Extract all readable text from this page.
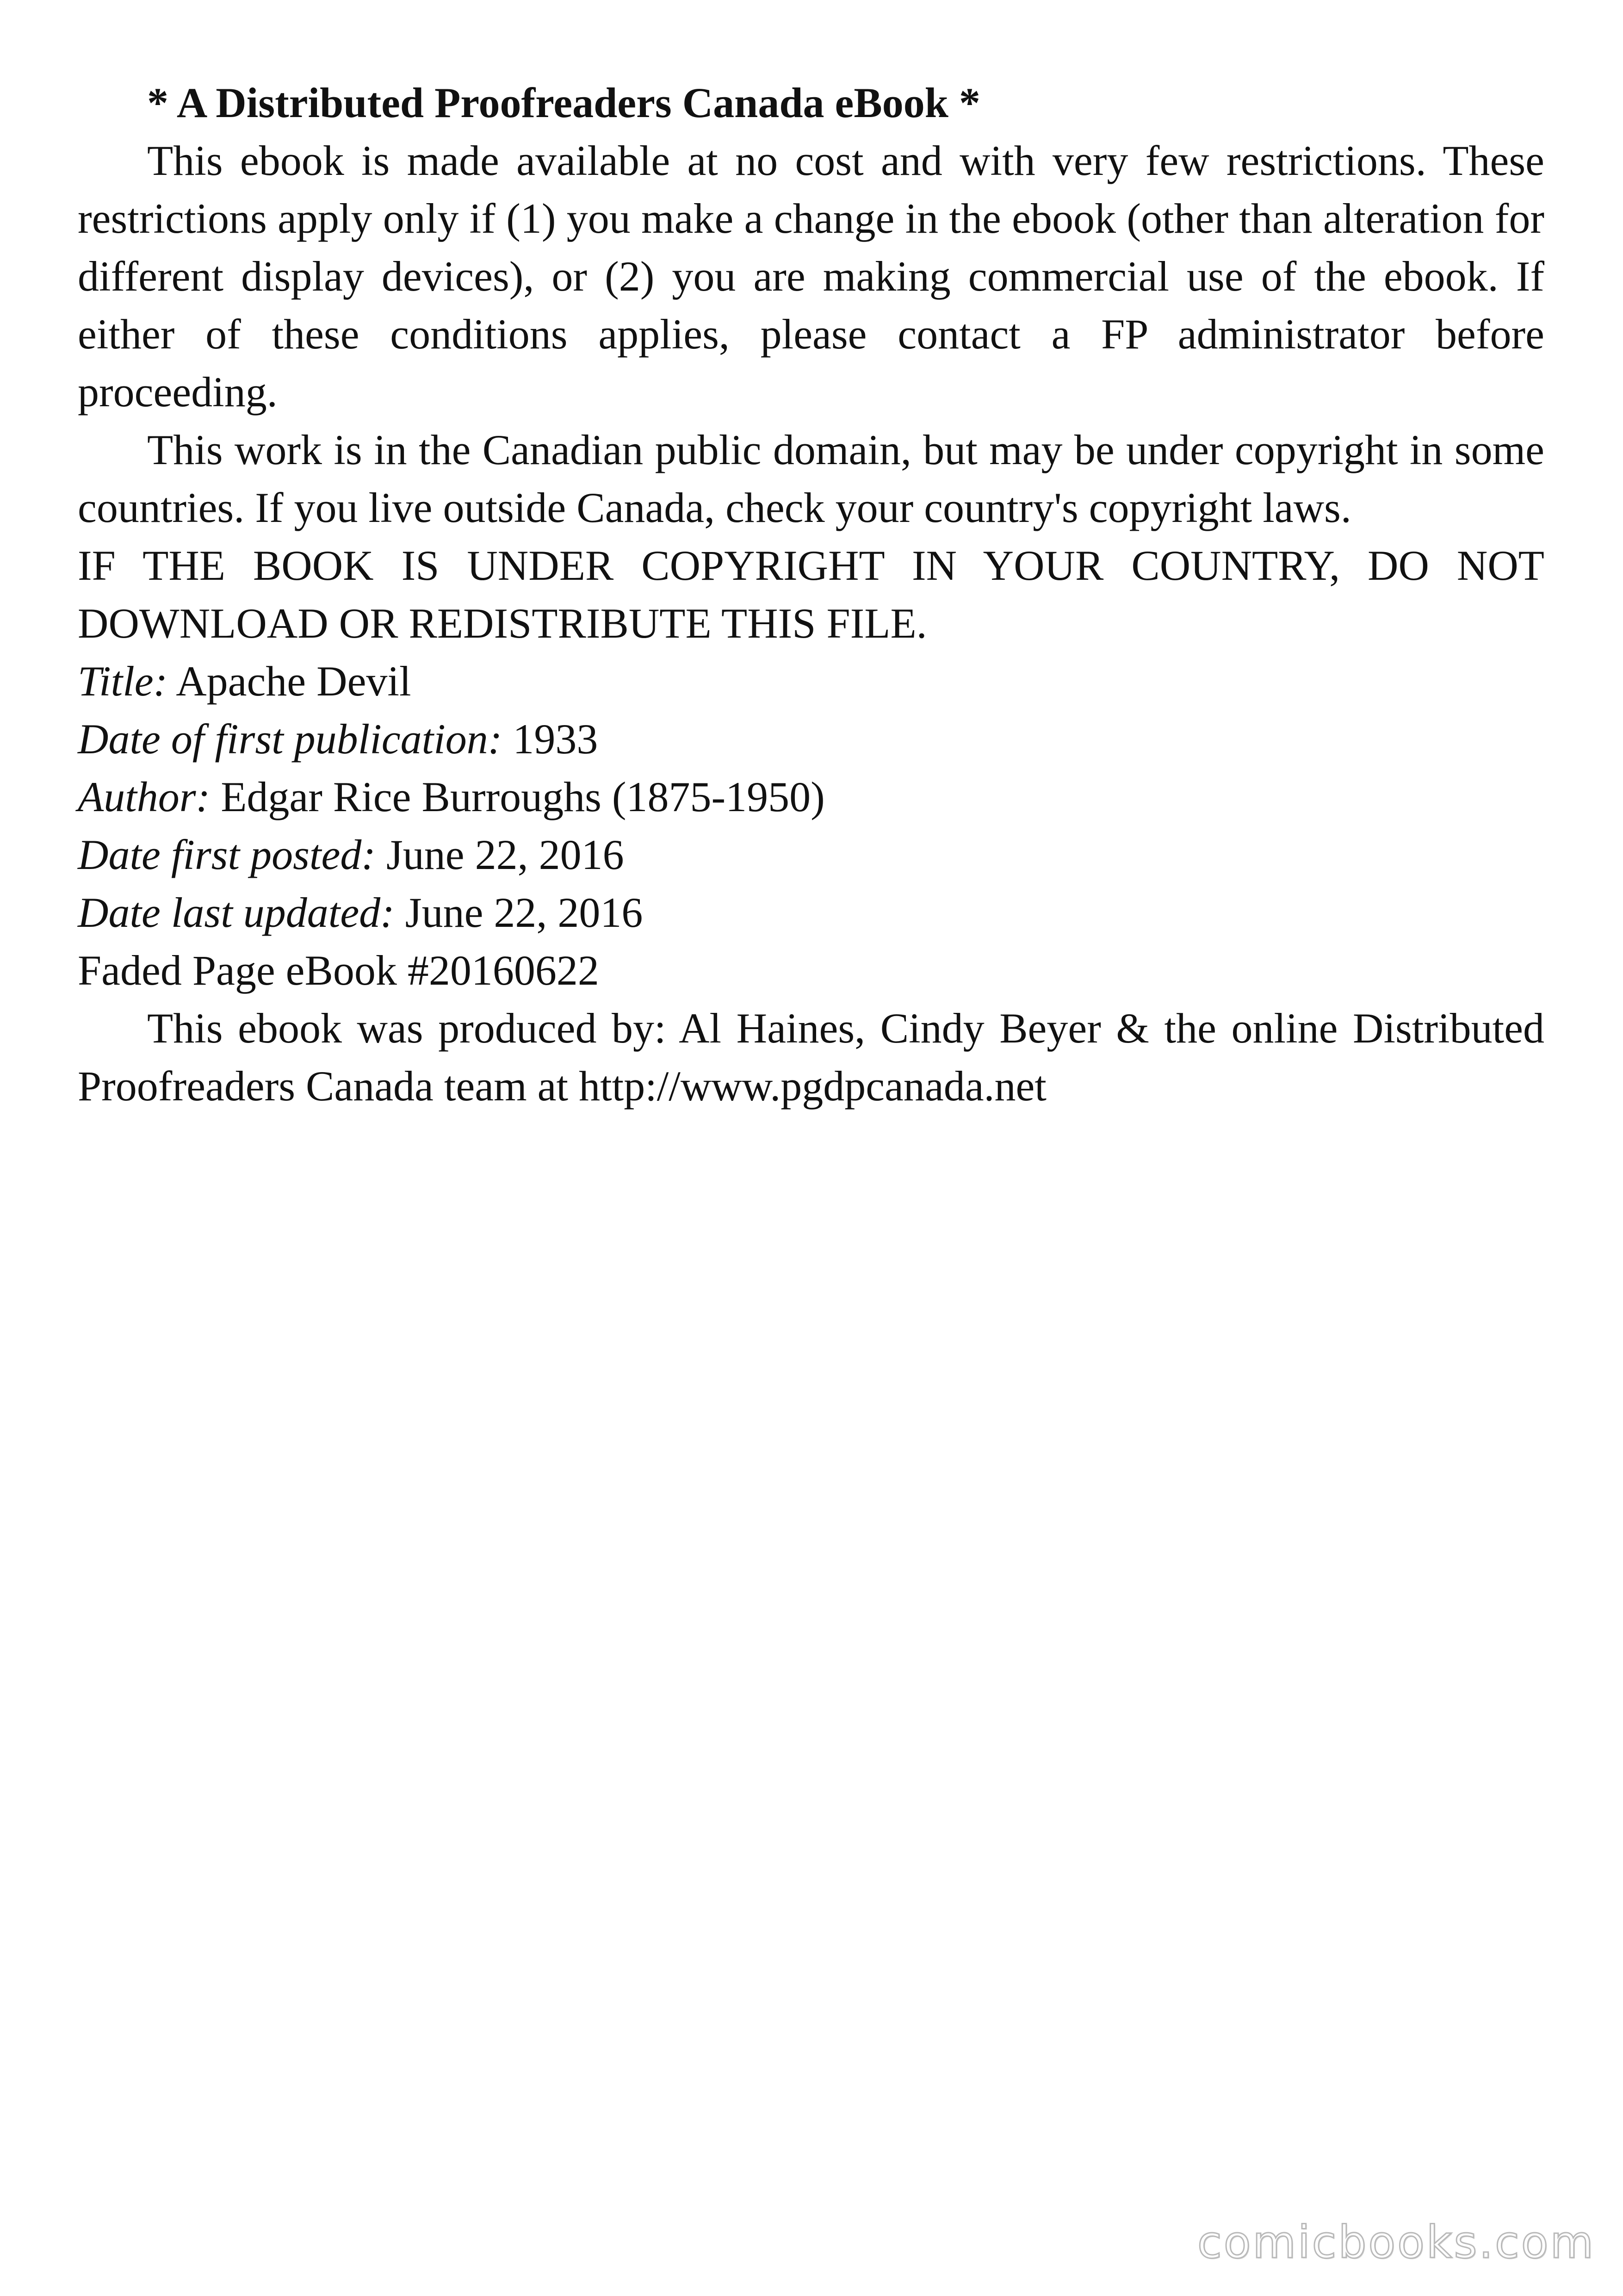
* A Distributed Proofreaders Canada eBook *

This ebook is made available at no cost and with very few restrictions. These restrictions apply only if (1) you make a change in the ebook (other than alteration for different display devices), or (2) you are making commercial use of the ebook. If either of these conditions applies, please contact a FP administrator before proceeding.

This work is in the Canadian public domain, but may be under copyright in some countries. If you live outside Canada, check your country's copyright laws.

IF THE BOOK IS UNDER COPYRIGHT IN YOUR COUNTRY, DO NOT

DOWNLOAD OR REDISTRIBUTE THIS FILE.

Title: Apache Devil

Date of first publication: 1933

Author: Edgar Rice Burroughs (1875-1950)

Date first posted: June 22, 2016

Date last updated: June 22, 2016

Faded Page eBook #20160622

This ebook was produced by: Al Haines, Cindy Beyer & the online Distributed Proofreaders Canada team at http://www.pgdpcanada.net

comicbooks.com
